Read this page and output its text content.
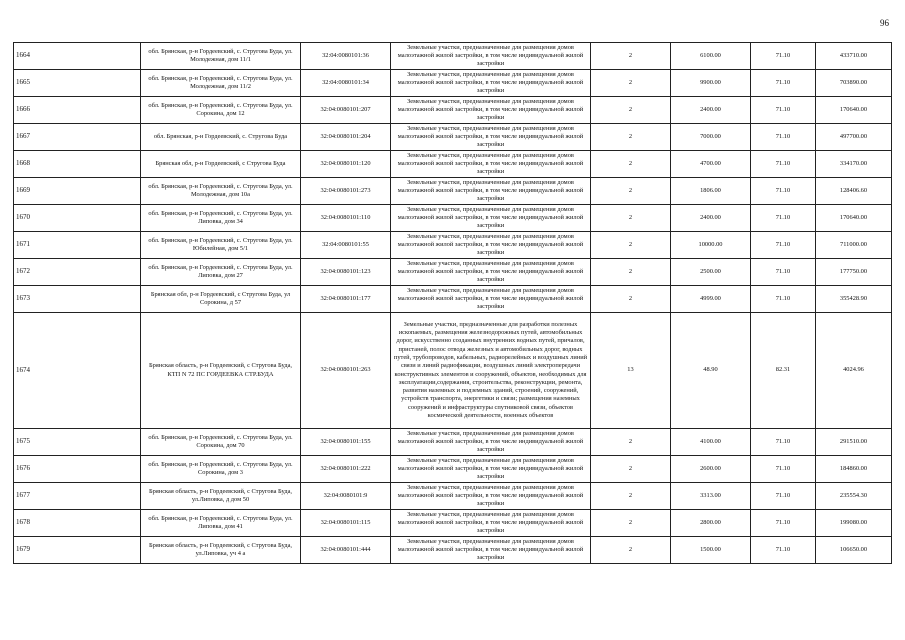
96
1664	обл. Брянская, р-н Гордеевский, с. Струговa Буда, ул. Молодежная, дом 11/1	32:04:0080101:36	Земельные участки, предназначенные для размещения домов малоэтажной жилой застройки, в том числе индивидуальной жилой застройки	2	6100.00	71.10	433710.00
1665	обл. Брянская, р-н Гордеевский, с. Струговa Буда, ул. Молодежная, дом 11/2	32:04:0080101:34	Земельные участки, предназначенные для размещения домов малоэтажной жилой застройки, в том числе индивидуальной жилой застройки	2	9900.00	71.10	703890.00
1666	обл. Брянская, р-н Гордеевский, с. Струговa Буда, ул. Сорокина, дом 12	32:04:0080101:207	Земельные участки, предназначенные для размещения домов малоэтажной жилой застройки, в том числе индивидуальной жилой застройки	2	2400.00	71.10	170640.00
1667	обл. Брянская, р-н Гордеевский, с. Струговa Буда	32:04:0080101:204	Земельные участки, предназначенные для размещения домов малоэтажной жилой застройки, в том числе индивидуальной жилой застройки	2	7000.00	71.10	497700.00
1668	Брянская обл, р-н Гордеевский, с Струговa Буда	32:04:0080101:120	Земельные участки, предназначенные для размещения домов малоэтажной жилой застройки, в том числе индивидуальной жилой застройки	2	4700.00	71.10	334170.00
1669	обл. Брянская, р-н Гордеевский, с. Струговa Буда, ул. Молодежная, дом 10а	32:04:0080101:273	Земельные участки, предназначенные для размещения домов малоэтажной жилой застройки, в том числе индивидуальной жилой застройки	2	1806.00	71.10	128406.60
1670	обл. Брянская, р-н Гордеевский, с. Струговa Буда, ул. Липовка, дом 34	32:04:0080101:110	Земельные участки, предназначенные для размещения домов малоэтажной жилой застройки, в том числе индивидуальной жилой застройки	2	2400.00	71.10	170640.00
1671	обл. Брянская, р-н Гордеевский, с. Струговa Буда, ул. Юбилейная, дом 5/1	32:04:0080101:55	Земельные участки, предназначенные для размещения домов малоэтажной жилой застройки, в том числе индивидуальной жилой застройки	2	10000.00	71.10	711000.00
1672	обл. Брянская, р-н Гордеевский, с. Струговa Буда, ул. Липовка, дом 27	32:04:0080101:123	Земельные участки, предназначенные для размещения домов малоэтажной жилой застройки, в том числе индивидуальной жилой застройки	2	2500.00	71.10	177750.00
1673	Брянская обл, р-н Гордеевский, с Струговa Буда, ул Сорокина, д 57	32:04:0080101:177	Земельные участки, предназначенные для размещения домов малоэтажной жилой застройки, в том числе индивидуальной жилой застройки	2	4999.00	71.10	355428.90
1674	Брянская область, р-н Гордеевский, с Струговa Буда, КТП N 72 ПС ГОРДЕЕВКА СТР.БУДА	32:04:0080101:263	Земельные участки, предназначенные для разработки полезных ископаемых, размещения железнодорожных путей, автомобильных дорог, искусственно созданных внутренних водных путей, причалов, пристаней, полос отвода железных и автомобильных дорог, водных путей, трубопроводов, кабельных, радиорелейных и воздушных линий связи и линий радиофикации, воздушных линий электропередачи конструктивных элементов и сооружений, объектов, необходимых для эксплуатации,содержания, строительства, реконструкции, ремонта, развития наземных и подземных зданий, строений, сооружений, устройств транспорта, энергетики и связи; размещения наземных сооружений и инфраструктуры спутниковой связи, объектов космической деятельности, военных объектов	13	48.90	82.31	4024.96
1675	обл. Брянская, р-н Гордеевский, с. Струговa Буда, ул. Сорокина, дом 70	32:04:0080101:155	Земельные участки, предназначенные для размещения домов малоэтажной жилой застройки, в том числе индивидуальной жилой застройки	2	4100.00	71.10	291510.00
1676	обл. Брянская, р-н Гордеевский, с. Струговa Буда, ул. Сорокина, дом 3	32:04:0080101:222	Земельные участки, предназначенные для размещения домов малоэтажной жилой застройки, в том числе индивидуальной жилой застройки	2	2600.00	71.10	184860.00
1677	Брянская область, р-н Гордеевский, с Струговa Буда, ул.Липовка, д дом 50	32:04:0080101:9	Земельные участки, предназначенные для размещения домов малоэтажной жилой застройки, в том числе индивидуальной жилой застройки	2	3313.00	71.10	235554.30
1678	обл. Брянская, р-н Гордеевский, с. Струговa Буда, ул. Липовка, дом 41	32:04:0080101:115	Земельные участки, предназначенные для размещения домов малоэтажной жилой застройки, в том числе индивидуальной жилой застройки	2	2800.00	71.10	199080.00
1679	Брянская область, р-н Гордеевский, с Струговa Буда, ул.Липовка, уч 4 а	32:04:0080101:444	Земельные участки, предназначенные для размещения домов малоэтажной жилой застройки, в том числе индивидуальной жилой застройки	2	1500.00	71.10	106650.00
